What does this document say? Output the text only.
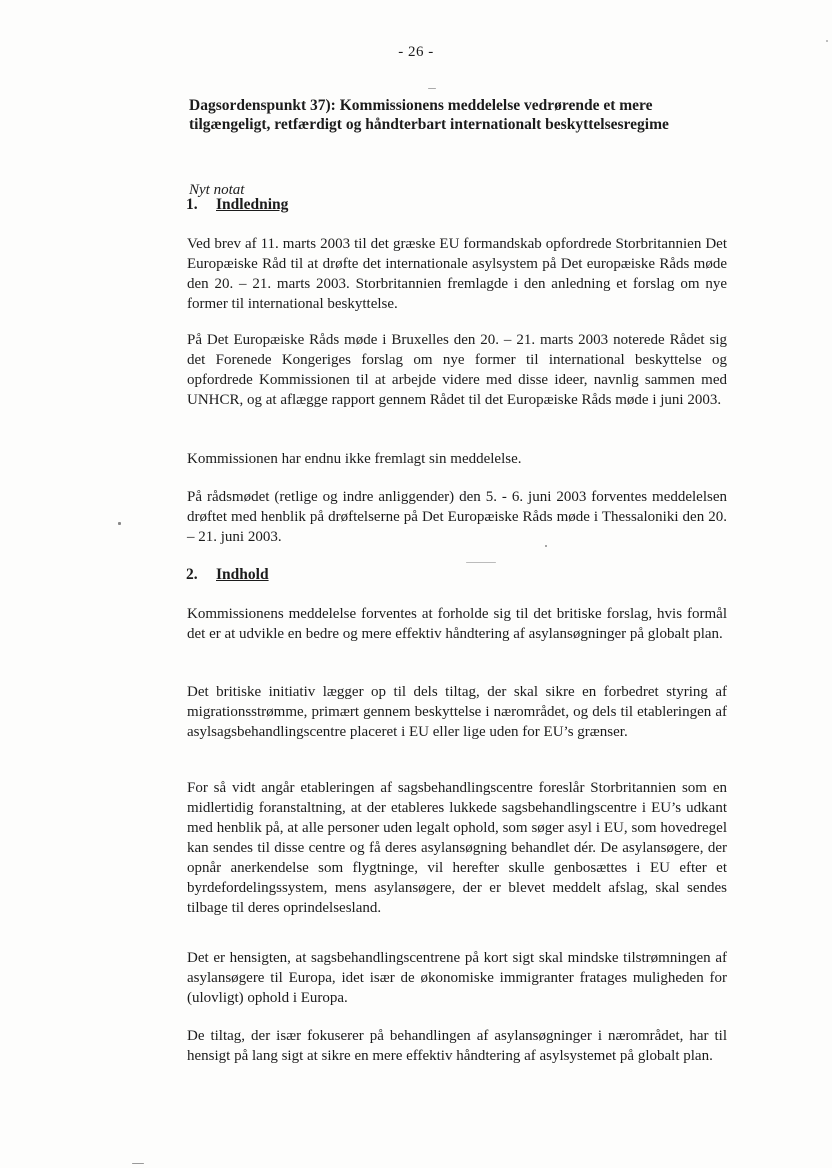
- 26 -
Dagsordenspunkt 37): Kommissionens meddelelse vedrørende et mere tilgængeligt, retfærdigt og håndterbart internationalt beskyttelsesregime
Nyt notat
1. Indledning

Ved brev af 11. marts 2003 til det græske EU formandskab opfordrede Storbritannien Det Europæiske Råd til at drøfte det internationale asylsystem på Det europæiske Råds møde den 20. – 21. marts 2003. Storbritannien fremlagde i den anledning et forslag om nye former til international beskyttelse.

På Det Europæiske Råds møde i Bruxelles den 20. – 21. marts 2003 noterede Rådet sig det Forenede Kongeriges forslag om nye former til international beskyttelse og opfordrede Kommissionen til at arbejde videre med disse ideer, navnlig sammen med UNHCR, og at aflægge rapport gennem Rådet til det Europæiske Råds møde i juni 2003.

Kommissionen har endnu ikke fremlagt sin meddelelse.

På rådsmødet (retlige og indre anliggender) den 5. - 6. juni 2003 forventes meddelelsen drøftet med henblik på drøftelserne på Det Europæiske Råds møde i Thessaloniki den 20. – 21. juni 2003.

2. Indhold

Kommissionens meddelelse forventes at forholde sig til det britiske forslag, hvis formål det er at udvikle en bedre og mere effektiv håndtering af asylansøgninger på globalt plan.

Det britiske initiativ lægger op til dels tiltag, der skal sikre en forbedret styring af migrationsstrømme, primært gennem beskyttelse i nærområdet, og dels til etableringen af asylsagsbehandlingscentre placeret i EU eller lige uden for EU’s grænser.

For så vidt angår etableringen af sagsbehandlingscentre foreslår Storbritannien som en midlertidig foranstaltning, at der etableres lukkede sagsbehandlingscentre i EU’s udkant med henblik på, at alle personer uden legalt ophold, som søger asyl i EU, som hovedregel kan sendes til disse centre og få deres asylansøgning behandlet dér. De asylansøgere, der opnår anerkendelse som flygtninge, vil herefter skulle genbosættes i EU efter et byrdefordelingssystem, mens asylansøgere, der er blevet meddelt afslag, skal sendes tilbage til deres oprindelsesland.

Det er hensigten, at sagsbehandlingscentrene på kort sigt skal mindske tilstrømningen af asylansøgere til Europa, idet især de økonomiske immigranter fratages muligheden for (ulovligt) ophold i Europa.

De tiltag, der især fokuserer på behandlingen af asylansøgninger i nærområdet, har til hensigt på lang sigt at sikre en mere effektiv håndtering af asylsystemet på globalt plan.
